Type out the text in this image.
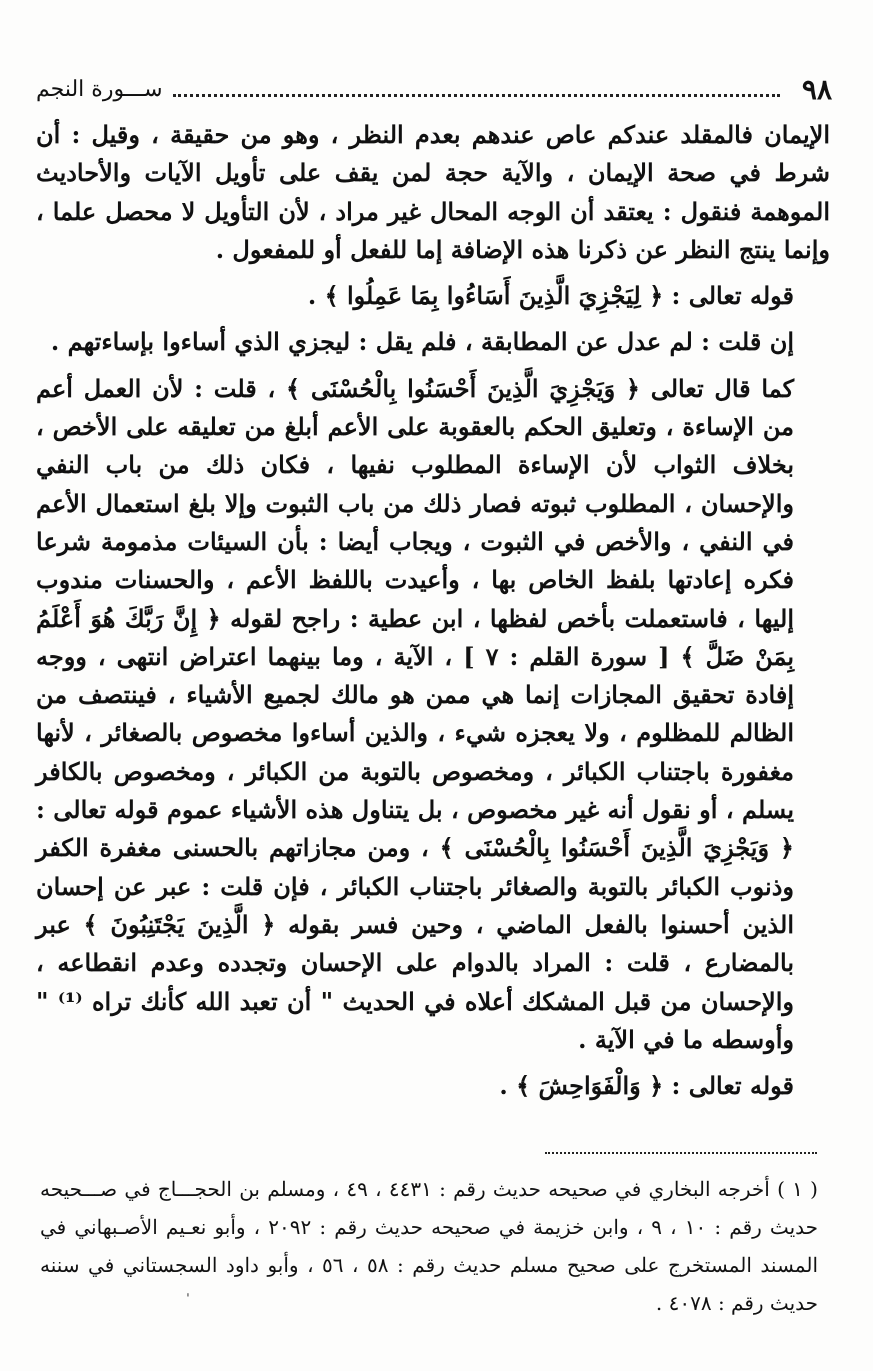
٩٨
ســـورة النجم

الإيمان فالمقلد عندكم عاص عندهم بعدم النظر ، وهو من حقيقة ، وقيل : أن شرط في صحة الإيمان ، والآية حجة لمن يقف على تأويل الآيات والأحاديث الموهمة فنقول : يعتقد أن الوجه المحال غير مراد ، لأن التأويل لا محصل علما ، وإنما ينتج النظر عن ذكرنا هذه الإضافة إما للفعل أو للمفعول .

قوله تعالى : ﴿ لِيَجْزِيَ الَّذِينَ أَسَاءُوا بِمَا عَمِلُوا ﴾ .

إن قلت : لم عدل عن المطابقة ، فلم يقل : ليجزي الذي أساءوا بإساءتهم .

كما قال تعالى ﴿ وَيَجْزِيَ الَّذِينَ أَحْسَنُوا بِالْحُسْنَى ﴾ ، قلت : لأن العمل أعم من الإساءة ، وتعليق الحكم بالعقوبة على الأعم أبلغ من تعليقه على الأخص ، بخلاف الثواب لأن الإساءة المطلوب نفيها ، فكان ذلك من باب النفي والإحسان ، المطلوب ثبوته فصار ذلك من باب الثبوت وإلا بلغ استعمال الأعم في النفي ، والأخص في الثبوت ، ويجاب أيضا : بأن السيئات مذمومة شرعا فكره إعادتها بلفظ الخاص بها ، وأعيدت باللفظ الأعم ، والحسنات مندوب إليها ، فاستعملت بأخص لفظها ، ابن عطية : راجح لقوله ﴿ إِنَّ رَبَّكَ هُوَ أَعْلَمُ بِمَنْ ضَلَّ ﴾ [ سورة القلم : ٧ ] ، الآية ، وما بينهما اعتراض انتهى ، ووجه إفادة تحقيق المجازات إنما هي ممن هو مالك لجميع الأشياء ، فينتصف من الظالم للمظلوم ، ولا يعجزه شيء ، والذين أساءوا مخصوص بالصغائر ، لأنها مغفورة باجتناب الكبائر ، ومخصوص بالتوبة من الكبائر ، ومخصوص بالكافر يسلم ، أو نقول أنه غير مخصوص ، بل يتناول هذه الأشياء عموم قوله تعالى : ﴿ وَيَجْزِيَ الَّذِينَ أَحْسَنُوا بِالْحُسْنَى ﴾ ، ومن مجازاتهم بالحسنى مغفرة الكفر وذنوب الكبائر بالتوبة والصغائر باجتناب الكبائر ، فإن قلت : عبر عن إحسان الذين أحسنوا بالفعل الماضي ، وحين فسر بقوله ﴿ الَّذِينَ يَجْتَنِبُونَ ﴾ عبر بالمضارع ، قلت : المراد بالدوام على الإحسان وتجدده وعدم انقطاعه ، والإحسان من قبل المشكك أعلاه في الحديث " أن تعبد الله كأنك تراه ⁽¹⁾ " وأوسطه ما في الآية .

قوله تعالى : ﴿ وَالْفَوَاحِشَ ﴾ .

( ١ ) أخرجه البخاري في صحيحه حديث رقم : ٤٤٣١ ، ٤٩ ، ومسلم بن الحجـــاج في صـــحيحه حديث رقم : ١٠ ، ٩ ، وابن خزيمة في صحيحه حديث رقم : ٢٠٩٢ ، وأبو نعـيم الأصـبهاني في المسند المستخرج على صحيح مسلم حديث رقم : ٥٨ ، ٥٦ ، وأبو داود السجستاني في سننه حديث رقم : ٤٠٧٨ .

ˈ
